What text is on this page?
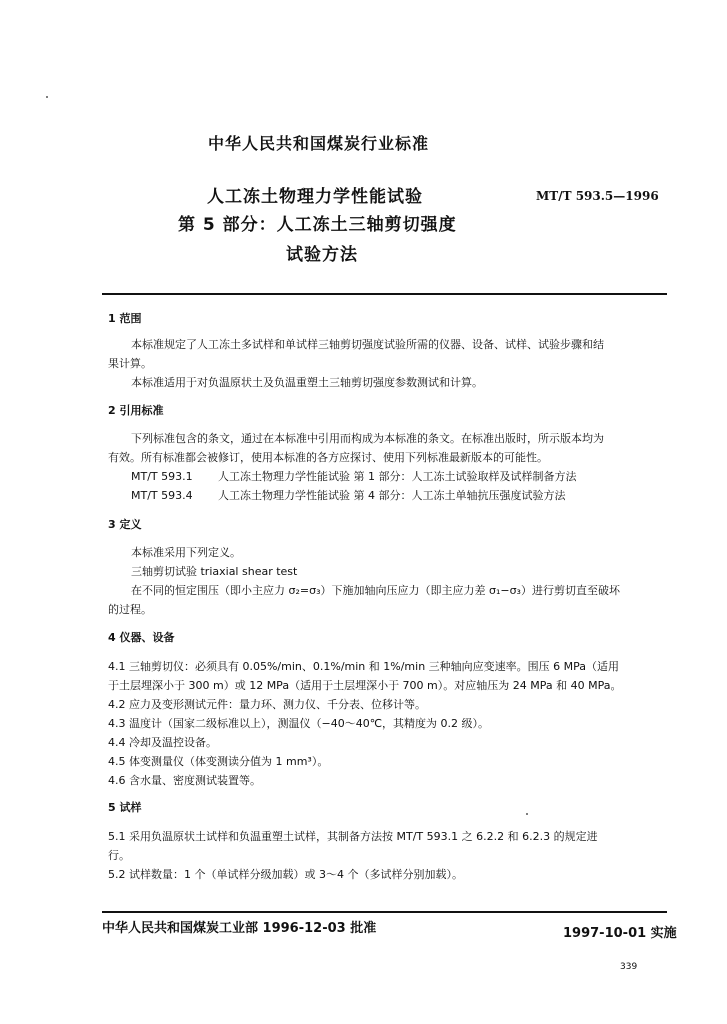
中华人民共和国煤炭行业标准
人工冻土物理力学性能试验
第 5 部分：人工冻土三轴剪切强度
试验方法
MT/T 593.5—1996
1 范围
本标准规定了人工冻土多试样和单试样三轴剪切强度试验所需的仪器、设备、试样、试验步骤和结
果计算。
本标准适用于对负温原状土及负温重塑土三轴剪切强度参数测试和计算。
2 引用标准
下列标准包含的条文，通过在本标准中引用而构成为本标准的条文。在标准出版时，所示版本均为
有效。所有标准都会被修订，使用本标准的各方应探讨、使用下列标准最新版本的可能性。
MT/T 593.1 人工冻土物理力学性能试验 第 1 部分：人工冻土试验取样及试样制备方法
MT/T 593.4 人工冻土物理力学性能试验 第 4 部分：人工冻土单轴抗压强度试验方法
3 定义
本标准采用下列定义。
三轴剪切试验 triaxial shear test
在不同的恒定围压（即小主应力 σ₂=σ₃）下施加轴向压应力（即主应力差 σ₁−σ₃）进行剪切直至破坏
的过程。
4 仪器、设备
4.1 三轴剪切仪：必须具有 0.05%/min、0.1%/min 和 1%/min 三种轴向应变速率。围压 6 MPa（适用
于土层埋深小于 300 m）或 12 MPa（适用于土层埋深小于 700 m）。对应轴压为 24 MPa 和 40 MPa。
4.2 应力及变形测试元件：量力环、测力仪、千分表、位移计等。
4.3 温度计（国家二级标准以上），测温仪（−40～40℃，其精度为 0.2 级）。
4.4 冷却及温控设备。
4.5 体变测量仪（体变测读分值为 1 mm³）。
4.6 含水量、密度测试装置等。
5 试样
5.1 采用负温原状土试样和负温重塑土试样，其制备方法按 MT/T 593.1 之 6.2.2 和 6.2.3 的规定进
行。
5.2 试样数量：1 个（单试样分级加载）或 3～4 个（多试样分别加载）。
中华人民共和国煤炭工业部 1996-12-03 批准	1997-10-01 实施
339
